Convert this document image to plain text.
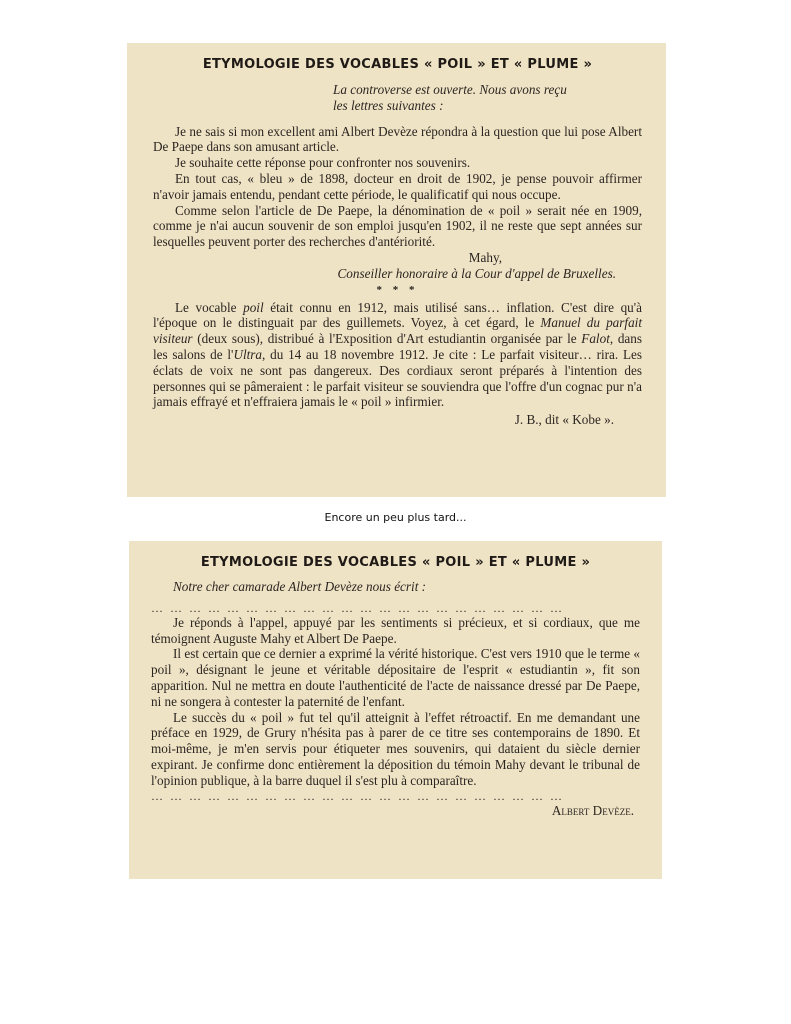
ETYMOLOGIE DES VOCABLES « POIL » ET « PLUME »

La controverse est ouverte. Nous avons reçu
les lettres suivantes :

Je ne sais si mon excellent ami Albert Devèze répondra à la question que lui pose Albert De Paepe dans son amusant article.

Je souhaite cette réponse pour confronter nos souvenirs.

En tout cas, « bleu » de 1898, docteur en droit de 1902, je pense pouvoir affirmer n'avoir jamais entendu, pendant cette période, le qualificatif qui nous occupe.

Comme selon l'article de De Paepe, la dénomination de « poil » serait née en 1909, comme je n'ai aucun souvenir de son emploi jusqu'en 1902, il ne reste que sept années sur lesquelles peuvent porter des recherches d'antériorité.

Mahy,

Conseiller honoraire à la Cour d'appel de Bruxelles.

* * *

Le vocable poil était connu en 1912, mais utilisé sans… inflation. C'est dire qu'à l'époque on le distinguait par des guillemets. Voyez, à cet égard, le Manuel du parfait visiteur (deux sous), distribué à l'Exposition d'Art estudiantin organisée par le Falot, dans les salons de l'Ultra, du 14 au 18 novembre 1912. Je cite : Le parfait visiteur… rira. Les éclats de voix ne sont pas dangereux. Des cordiaux seront préparés à l'intention des personnes qui se pâmeraient : le parfait visiteur se souviendra que l'offre d'un cognac pur n'a jamais effrayé et n'effraiera jamais le « poil » infirmier.

J. B., dit « Kobe ».

Encore un peu plus tard...
ETYMOLOGIE DES VOCABLES « POIL » ET « PLUME »

Notre cher camarade Albert Devèze nous écrit :

… … … … … … … … … … … … … … … … … … … … … …

Je réponds à l'appel, appuyé par les sentiments si précieux, et si cordiaux, que me témoignent Auguste Mahy et Albert De Paepe.

Il est certain que ce dernier a exprimé la vérité historique. C'est vers 1910 que le terme « poil », désignant le jeune et véritable dépositaire de l'esprit « estudiantin », fit son apparition. Nul ne mettra en doute l'authenticité de l'acte de naissance dressé par De Paepe, ni ne songera à contester la paternité de l'enfant.

Le succès du « poil » fut tel qu'il atteignit à l'effet rétroactif. En me demandant une préface en 1929, de Grury n'hésita pas à parer de ce titre ses contemporains de 1890. Et moi-même, je m'en servis pour étiqueter mes souvenirs, qui dataient du siècle dernier expirant. Je confirme donc entièrement la déposition du témoin Mahy devant le tribunal de l'opinion publique, à la barre duquel il s'est plu à comparaître.

… … … … … … … … … … … … … … … … … … … … … …

Albert Devèze.
